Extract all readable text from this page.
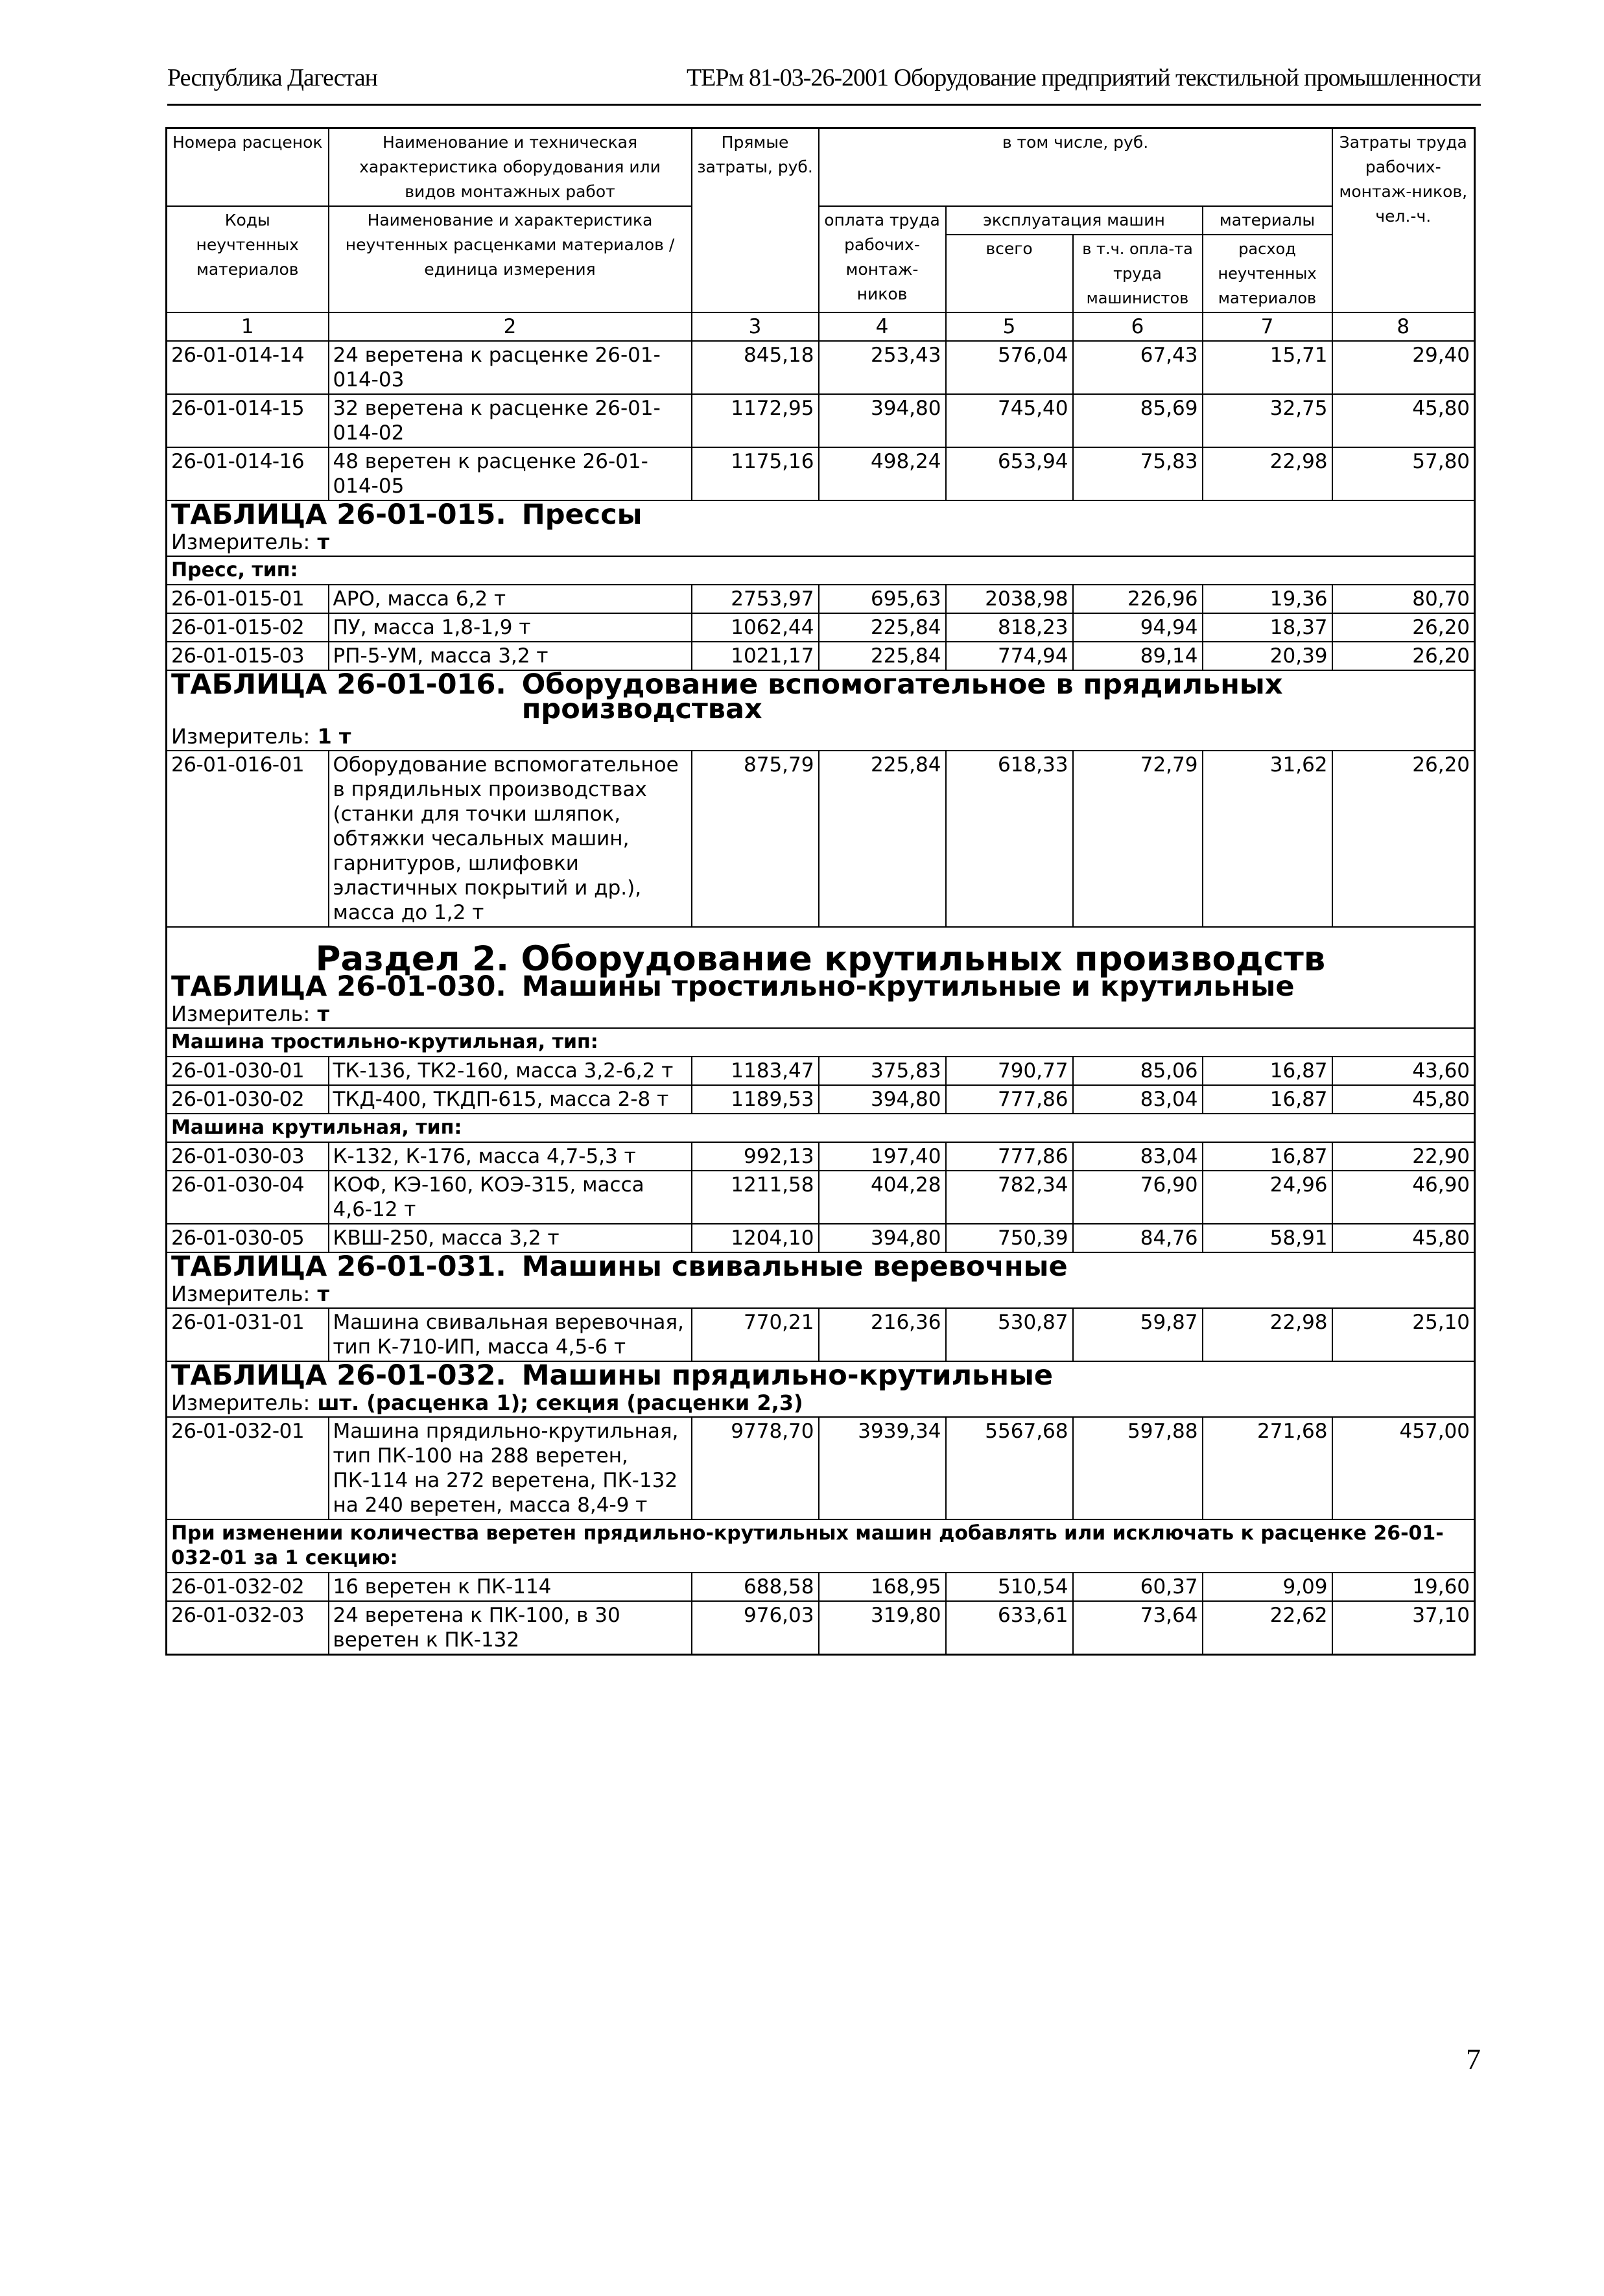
Республика Дагестан	ТЕРм 81-03-26-2001 Оборудование предприятий текстильной промышленности
Номера расценок	Наименование и техническая характеристика оборудования или видов монтажных работ	Прямые затраты, руб.	в том числе, руб.				Затраты труда рабочих-монтаж-ников, чел.-ч.
Коды неучтенных материалов	Наименование и характеристика неучтенных расценками материалов / единица измерения		оплата труда рабочих-монтаж-ников	эксплуатация машин		материалы	
				всего	в т.ч. опла-та труда машинистов	расход неучтенных материалов	
1	2	3	4	5	6	7	8
26-01-014-14	24 веретена к расценке 26-01-014-03	845,18	253,43	576,04	67,43	15,71	29,40
26-01-014-15	32 веретена к расценке 26-01-014-02	1172,95	394,80	745,40	85,69	32,75	45,80
26-01-014-16	48 веретен к расценке 26-01-014-05	1175,16	498,24	653,94	75,83	22,98	57,80

ТАБЛИЦА 26-01-015. Прессы							

Измеритель: т							
Пресс, тип:							
26-01-015-01	АРО, масса 6,2 т	2753,97	695,63	2038,98	226,96	19,36	80,70
26-01-015-02	ПУ, масса 1,8-1,9 т	1062,44	225,84	818,23	94,94	18,37	26,20
26-01-015-03	РП-5-УМ, масса 3,2 т	1021,17	225,84	774,94	89,14	20,39	26,20

ТАБЛИЦА 26-01-016. Оборудование вспомогательное в прядильных производствах							

Измеритель: 1 т							
26-01-016-01	Оборудование вспомогательное в прядильных производствах (станки для точки шляпок, обтяжки чесальных машин, гарнитуров, шлифовки эластичных покрытий и др.), масса до 1,2 т	875,79	225,84	618,33	72,79	31,62	26,20

Раздел 2. Оборудование крутильных производств							

ТАБЛИЦА 26-01-030. Машины тростильно-крутильные и крутильные							

Измеритель: т							
Машина тростильно-крутильная, тип:							
26-01-030-01	ТК-136, ТК2-160, масса 3,2-6,2 т	1183,47	375,83	790,77	85,06	16,87	43,60
26-01-030-02	ТКД-400, ТКДП-615, масса 2-8 т	1189,53	394,80	777,86	83,04	16,87	45,80
Машина крутильная, тип:							
26-01-030-03	К-132, К-176, масса 4,7-5,3 т	992,13	197,40	777,86	83,04	16,87	22,90
26-01-030-04	КОФ, КЭ-160, КОЭ-315, масса 4,6-12 т	1211,58	404,28	782,34	76,90	24,96	46,90
26-01-030-05	КВШ-250, масса 3,2 т	1204,10	394,80	750,39	84,76	58,91	45,80

ТАБЛИЦА 26-01-031. Машины свивальные веревочные							

Измеритель: т							
26-01-031-01	Машина свивальная веревочная, тип К-710-ИП, масса 4,5-6 т	770,21	216,36	530,87	59,87	22,98	25,10

ТАБЛИЦА 26-01-032. Машины прядильно-крутильные							

Измеритель: шт. (расценка 1); секция (расценки 2,3)							
26-01-032-01	Машина прядильно-крутильная, тип ПК-100 на 288 веретен, ПК-114 на 272 веретена, ПК-132 на 240 веретен, масса 8,4-9 т	9778,70	3939,34	5567,68	597,88	271,68	457,00
При изменении количества веретен прядильно-крутильных машин добавлять или исключать к расценке 26-01-032-01 за 1 секцию:							
26-01-032-02	16 веретен к ПК-114	688,58	168,95	510,54	60,37	9,09	19,60
26-01-032-03	24 веретена к ПК-100, в 30 веретен к ПК-132	976,03	319,80	633,61	73,64	22,62	37,10
7
